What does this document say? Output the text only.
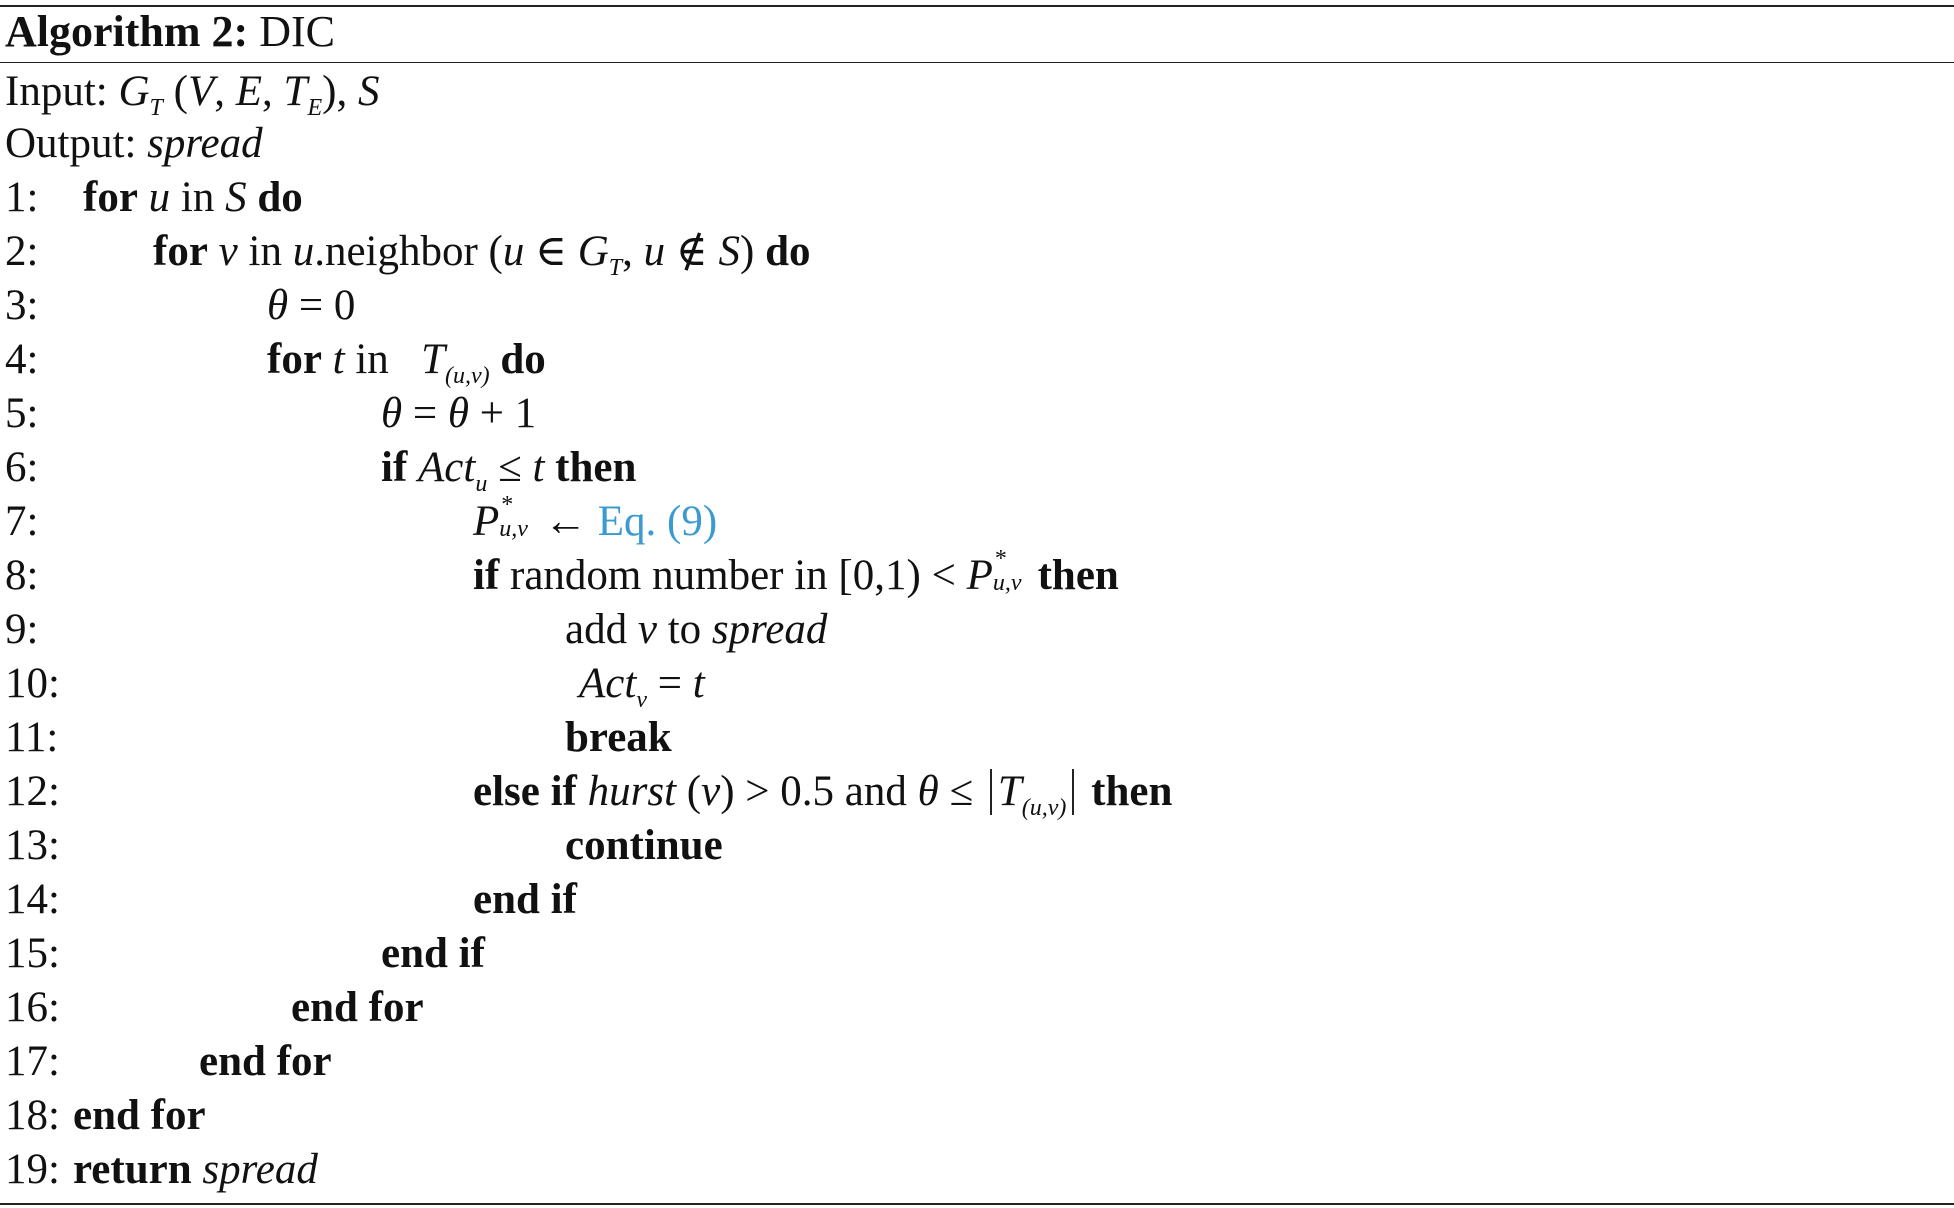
Algorithm 2: DIC
Input: $G_T$ (V, E, $T_E$), S
Output: spread
1: for u in S do
2:	for v in u.neighbor (u ∈ $G_T$, u ∉ S) do
3:	θ = 0
4:	for t in   $T_{(u,v)}$ do
5:	θ = θ + 1
6:	if Act$_u$ ≤ t then
7:	P *
u,v ← Eq. (9)
8:	if random number in [0,1) < P *
u,v then
9:	add v to spread
10:	Act$_v$ = t
11:	break
12:	else if hurst (v) > 0.5 and $\theta \le T_{(u,v)}$ then
13:	continue
14:	end if
15:	end if
16:	end for
17:	end for
18: end for
19: return spread
